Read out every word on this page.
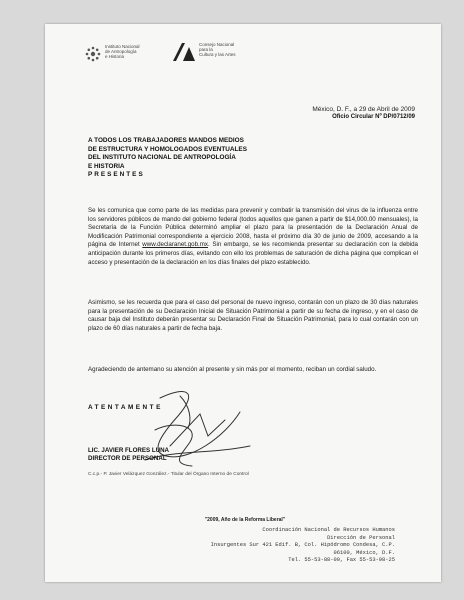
Instituto Nacional
de Antropología
e Historia
Consejo Nacional
para la
Cultura y las Artes
México, D. F., a 29 de Abril de 2009
Oficio Circular Nº DP/0712/09
A TODOS LOS TRABAJADORES MANDOS MEDIOS
DE ESTRUCTURA Y HOMOLOGADOS EVENTUALES
DEL INSTITUTO NACIONAL DE ANTROPOLOGÍA
E HISTORIA
PRESENTES
Se les comunica que como parte de las medidas para prevenir y combatir la transmisión del virus de la influenza entre los servidores públicos de mando del gobierno federal (todos aquellos que ganen a partir de $14,000.00 mensuales), la Secretaría de la Función Pública determinó ampliar el plazo para la presentación de la Declaración Anual de Modificación Patrimonial correspondiente a ejercicio 2008, hasta el próximo día 30 de junio de 2009, accesando a la página de Internet www.declaranet.gob.mx. Sin embargo, se les recomienda presentar su declaración con la debida anticipación durante los primeros días, evitando con ello los problemas de saturación de dicha página que complican el acceso y presentación de la declaración en los días finales del plazo establecido.
Asimismo, se les recuerda que para el caso del personal de nuevo ingreso, contarán con un plazo de 30 días naturales para la presentación de su Declaración Inicial de Situación Patrimonial a partir de su fecha de ingreso, y en el caso de causar baja del Instituto deberán presentar su Declaración Final de Situación Patrimonial, para lo cual contarán con un plazo de 60 días naturales a partir de fecha baja.
Agradeciendo de antemano su atención al presente y sin más por el momento, reciban un cordial saludo.
ATENTAMENTE
LIC. JAVIER FLORES LUNA
DIRECTOR DE PERSONAL
C.c.p.- P. Javier Velázquez González.- Titular del Órgano Interno de Control
"2009, Año de la Reforma Liberal"
Coordinación Nacional de Recursos Humanos
Dirección de Personal
Insurgentes Sur 421 Edif. B, Col. Hipódromo Condesa, C.P.
06100, México, D.F.
Tel. 55-53-88-00, Fax 55-53-98-25
